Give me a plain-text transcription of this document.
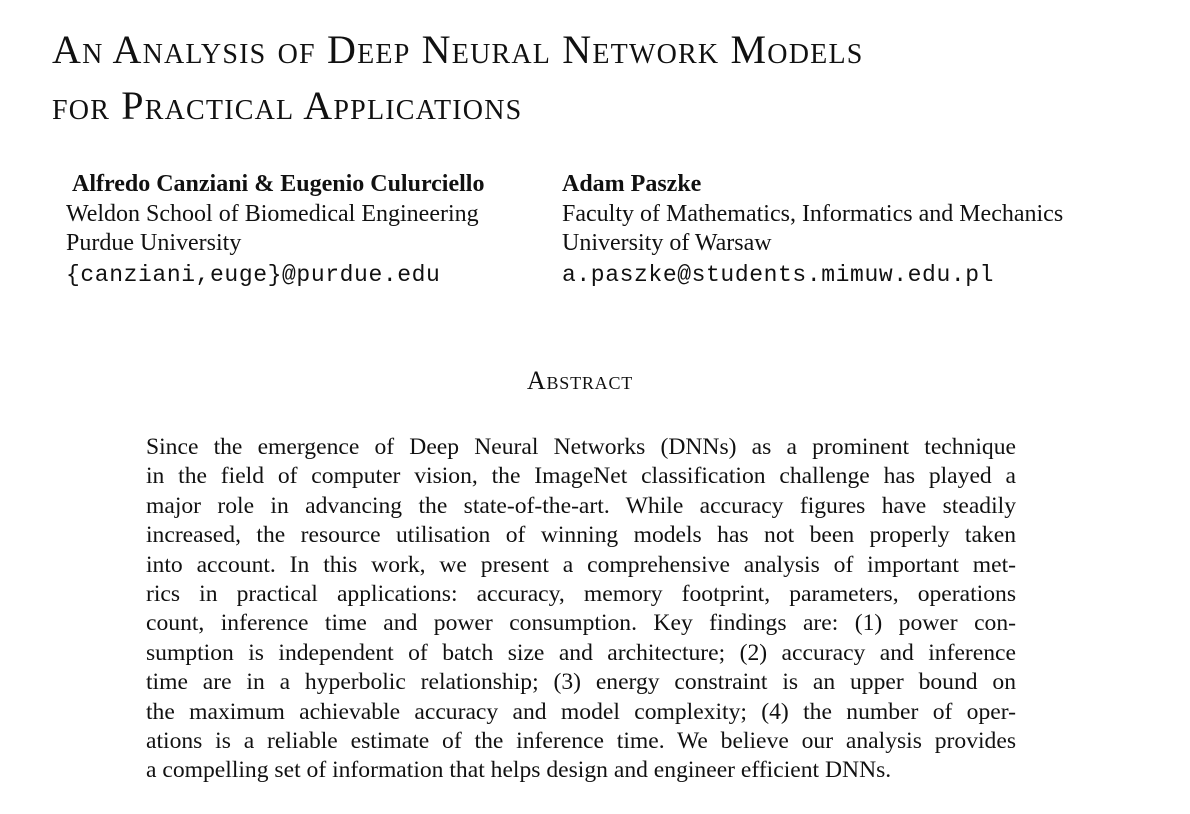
An Analysis of Deep Neural Network Models
for Practical Applications
Alfredo Canziani & Eugenio Culurciello
Weldon School of Biomedical Engineering
Purdue University
{canziani,euge}@purdue.edu
Adam Paszke
Faculty of Mathematics, Informatics and Mechanics
University of Warsaw
a.paszke@students.mimuw.edu.pl
Abstract
Since the emergence of Deep Neural Networks (DNNs) as a prominent technique
in the field of computer vision, the ImageNet classification challenge has played a
major role in advancing the state-of-the-art. While accuracy figures have steadily
increased, the resource utilisation of winning models has not been properly taken
into account. In this work, we present a comprehensive analysis of important met-
rics in practical applications: accuracy, memory footprint, parameters, operations
count, inference time and power consumption. Key findings are: (1) power con-
sumption is independent of batch size and architecture; (2) accuracy and inference
time are in a hyperbolic relationship; (3) energy constraint is an upper bound on
the maximum achievable accuracy and model complexity; (4) the number of oper-
ations is a reliable estimate of the inference time. We believe our analysis provides
a compelling set of information that helps design and engineer efficient DNNs.
